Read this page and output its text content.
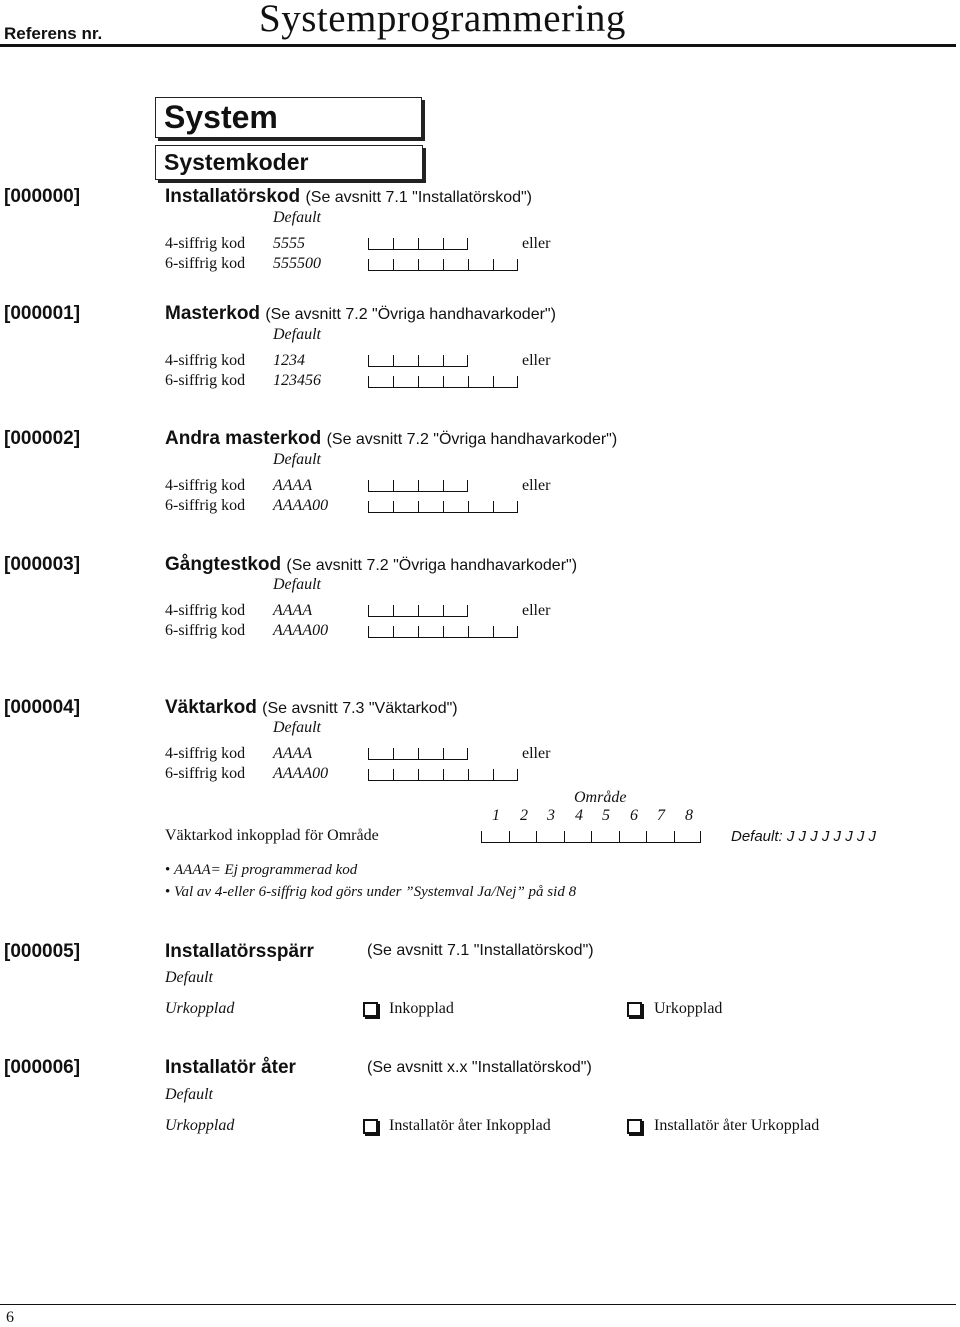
Referens nr.	Systemprogrammering
System
Systemkoder
[000000]	Installatörskod (Se avsnitt 7.1 "Installatörskod")
Default
4-siffrig kod 5555	eller
6-siffrig kod 555500
[000001]	Masterkod (Se avsnitt 7.2 "Övriga handhavarkoder")
Default
4-siffrig kod 1234	eller
6-siffrig kod 123456
[000002]	Andra masterkod (Se avsnitt 7.2 "Övriga handhavarkoder")
Default
4-siffrig kod AAAA	eller
6-siffrig kod AAAA00
[000003]	Gångtestkod (Se avsnitt 7.2 "Övriga handhavarkoder")
Default
4-siffrig kod AAAA	eller
6-siffrig kod AAAA00
[000004]	Väktarkod (Se avsnitt 7.3 "Väktarkod")
Default
4-siffrig kod AAAA	eller
6-siffrig kod AAAA00
Område
1 2 3 4 5 6 7 8
Väktarkod inkopplad för Område	Default: J J J J J J J J
• AAAA= Ej programmerad kod
• Val av 4-eller 6-siffrig kod görs under ”Systemval Ja/Nej” på sid 8
[000005]	Installatörsspärr	(Se avsnitt 7.1 "Installatörskod")
Default
Urkopplad	Inkopplad	Urkopplad
[000006]	Installatör åter	(Se avsnitt x.x "Installatörskod")
Default
Urkopplad	Installatör åter Inkopplad	Installatör åter Urkopplad
6
